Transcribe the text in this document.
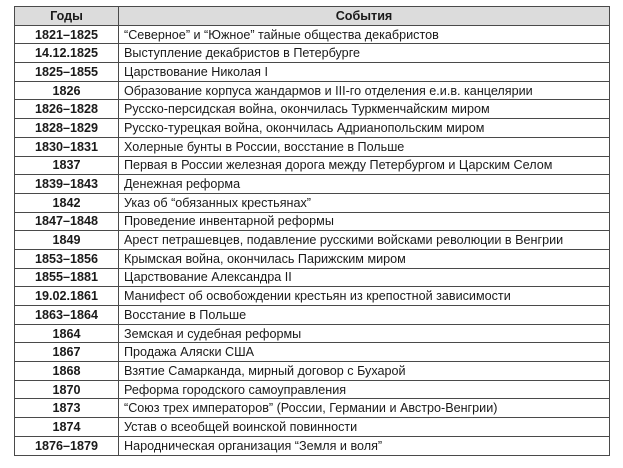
Годы	События
1821–1825	“Северное” и “Южное” тайные общества декабристов
14.12.1825	Выступление декабристов в Петербурге
1825–1855	Царствование Николая I
1826	Образование корпуса жандармов и III-го отделения е.и.в. канцелярии
1826–1828	Русско-персидская война, окончилась Туркменчайским миром
1828–1829	Русско-турецкая война, окончилась Адрианопольским миром
1830–1831	Холерные бунты в России, восстание в Польше
1837	Первая в России железная дорога между Петербургом и Царским Селом
1839–1843	Денежная реформа
1842	Указ об “обязанных крестьянах”
1847–1848	Проведение инвентарной реформы
1849	Арест петрашевцев, подавление русскими войсками революции в Венгрии
1853–1856	Крымская война, окончилась Парижским миром
1855–1881	Царствование Александра II
19.02.1861	Манифест об освобождении крестьян из крепостной зависимости
1863–1864	Восстание в Польше
1864	Земская и судебная реформы
1867	Продажа Аляски США
1868	Взятие Самарканда, мирный договор с Бухарой
1870	Реформа городского самоуправления
1873	“Союз трех императоров” (России, Германии и Австро-Венгрии)
1874	Устав о всеобщей воинской повинности
1876–1879	Народническая организация “Земля и воля”
